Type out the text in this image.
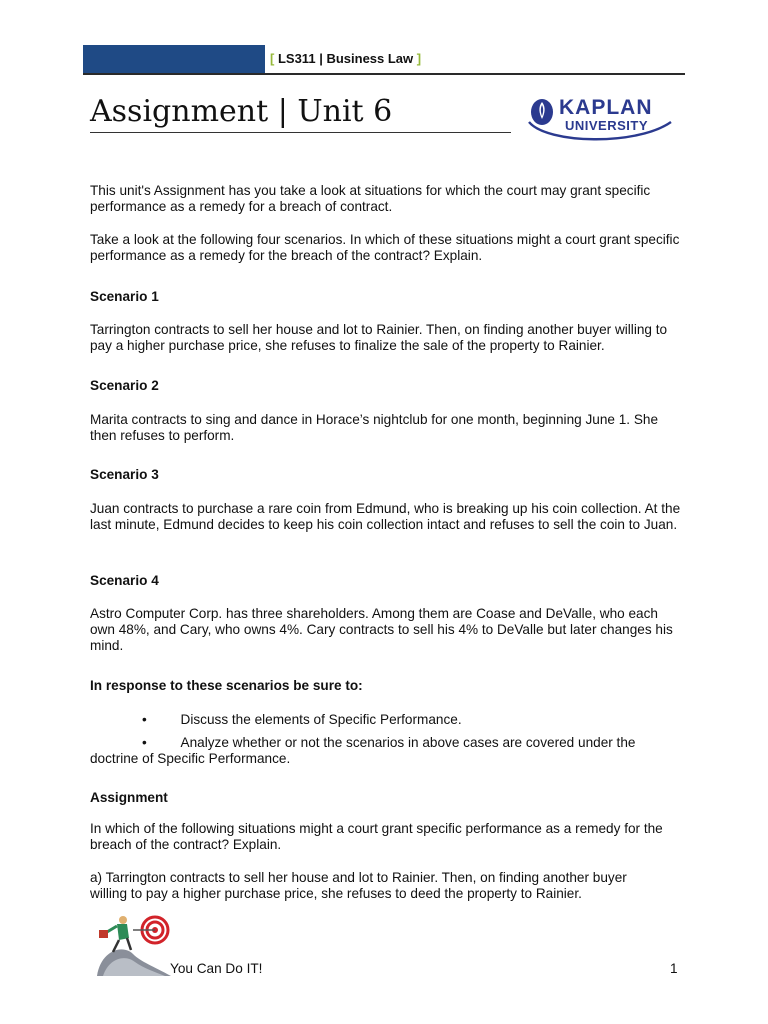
[ LS311 | Business Law ]
Assignment | Unit 6	KAPLAN
UNIVERSITY

This unit's Assignment has you take a look at situations for which the court may grant specific performance as a remedy for a breach of contract.

Take a look at the following four scenarios. In which of these situations might a court grant specific performance as a remedy for the breach of the contract? Explain.

Scenario 1

Tarrington contracts to sell her house and lot to Rainier. Then, on finding another buyer willing to pay a higher purchase price, she refuses to finalize the sale of the property to Rainier.

Scenario 2

Marita contracts to sing and dance in Horace’s nightclub for one month, beginning June 1. She then refuses to perform.

Scenario 3

Juan contracts to purchase a rare coin from Edmund, who is breaking up his coin collection. At the last minute, Edmund decides to keep his coin collection intact and refuses to sell the coin to Juan.

Scenario 4

Astro Computer Corp. has three shareholders. Among them are Coase and DeValle, who each own 48%, and Cary, who owns 4%. Cary contracts to sell his 4% to DeValle but later changes his mind.

In response to these scenarios be sure to:

• Discuss the elements of Specific Performance.
• Analyze whether or not the scenarios in above cases are covered under the
doctrine of Specific Performance.

Assignment

In which of the following situations might a court grant specific performance as a remedy for the breach of the contract? Explain.

a) Tarrington contracts to sell her house and lot to Rainier. Then, on finding another buyer willing to pay a higher purchase price, she refuses to deed the property to Rainier.

You Can Do IT!	1
